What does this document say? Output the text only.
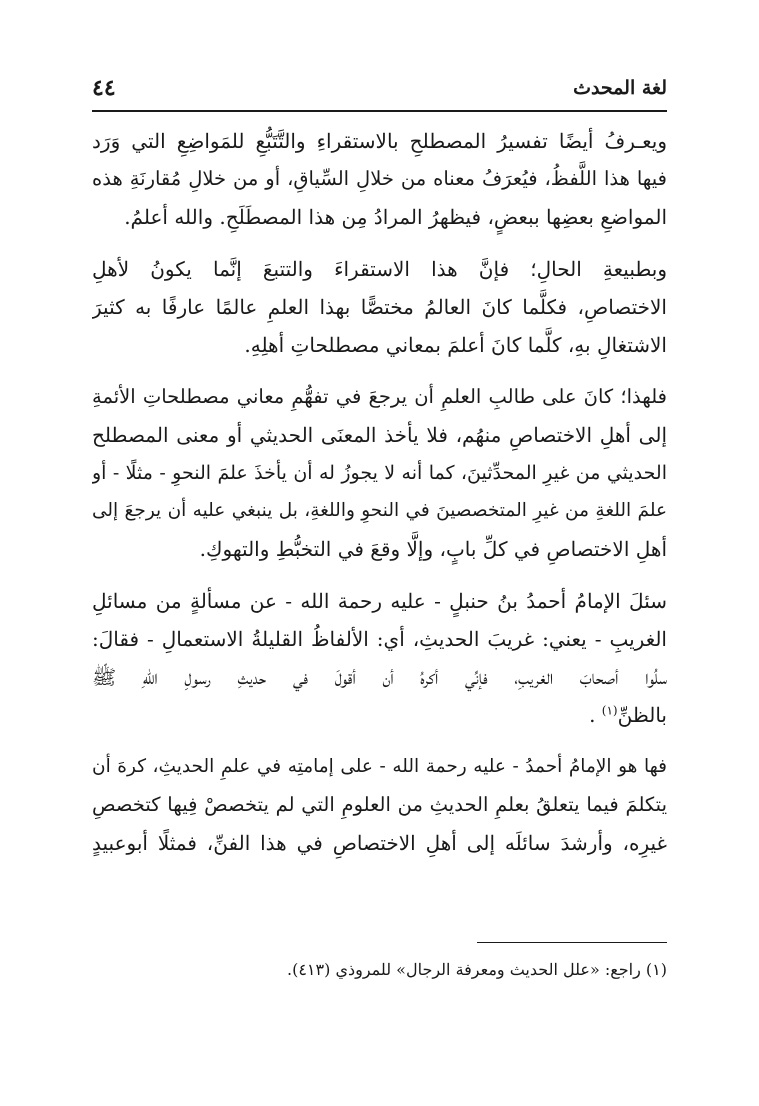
لغة المحدث
٤٤

ويعـرفُ أيضًا تفسيرُ المصطلحِ بالاستقراءِ والتَّتَبُّعِ للمَواضِعِ التي وَرَد
فيها هذا اللَّفظُ، فيُعرَفُ معناه من خلالِ السِّياقِ، أو من خلالِ مُقارنَةِ هذه
المواضعِ بعضِها ببعضٍ، فيظهرُ المرادُ مِن هذا المصطَلَحِ. والله أعلمُ.

وبطبيعةِ الحالِ؛ فإنَّ هذا الاستقراءَ والتتبعَ إنَّما يكونُ لأهلِ
الاختصاصِ، فكلَّما كانَ العالمُ مختصًّا بهذا العلمِ عالمًا عارفًا به كثيرَ
الاشتغالِ بهِ، كلَّما كانَ أعلمَ بمعاني مصطلحاتِ أهلِهِ.

فلهذا؛ كانَ على طالبِ العلمِ أن يرجعَ في تفهُّمِ معاني مصطلحاتِ الأئمةِ
إلى أهلِ الاختصاصِ منهُم، فلا يأخذ المعنَى الحديثي أو معنى المصطلح
الحديثي من غيرِ المحدِّثينَ، كما أنه لا يجوزُ له أن يأخذَ علمَ النحوِ - مثلًا - أو
علمَ اللغةِ من غيرِ المتخصصينَ في النحوِ واللغةِ، بل ينبغي عليه أن يرجعَ إلى
أهلِ الاختصاصِ في كلِّ بابٍ، وإلَّا وقعَ في التخبُّطِ والتهوكِ.

سئلَ الإمامُ أحمدُ بنُ حنبلٍ - عليه رحمة الله - عن مسألةٍ من مسائلِ
الغريبِ - يعني: غريبَ الحديثِ، أي: الألفاظُ القليلةُ الاستعمالِ - فقالَ:
سلُوا أصحابَ الغريبِ، فإنِّي أكرهُ أن أقولَ في حديثِ رسولِ اللهِ ﷺ
بالظنِّ$^{(١)}$ .

فها هو الإمامُ أحمدُ - عليه رحمة الله - على إمامتِه في علمِ الحديثِ، كرهَ أن
يتكلمَ فيما يتعلقُ بعلمِ الحديثِ من العلومِ التي لم يتخصصْ فِيها كتخصصِ
غيرِه، وأرشدَ سائلَه إلى أهلِ الاختصاصِ في هذا الفنِّ، فمثلًا أبوعبيدٍ

(١) راجع: «علل الحديث ومعرفة الرجال» للمروذي (٤١٣).
